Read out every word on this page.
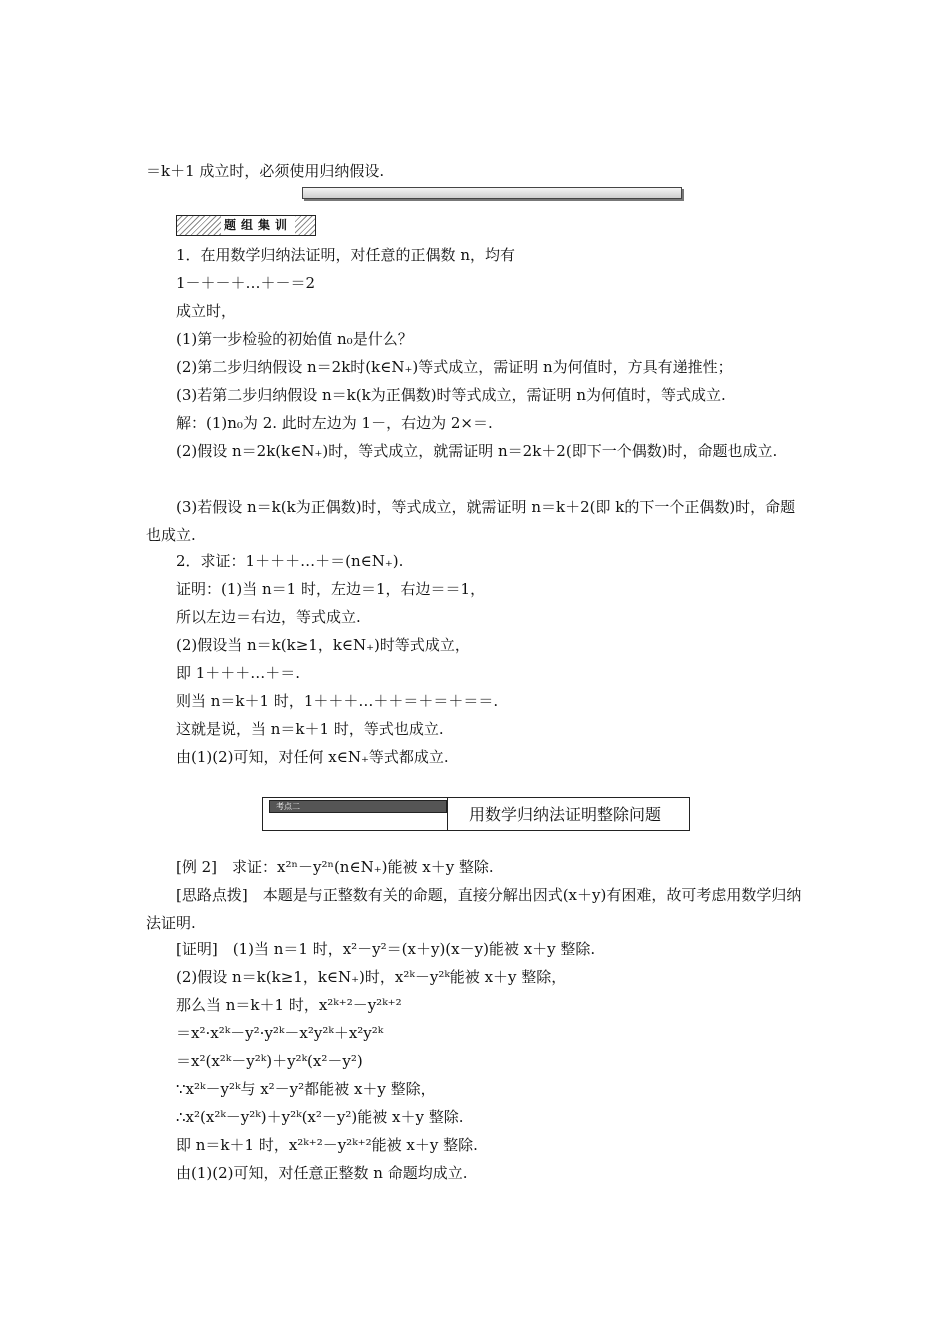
＝k＋1 成立时，必须使用归纳假设.
题组集训
1．在用数学归纳法证明，对任意的正偶数 n，均有
1－＋－＋…＋－＝2
成立时，
(1)第一步检验的初始值 n₀是什么？
(2)第二步归纳假设 n＝2k时(k∈N₊)等式成立，需证明 n为何值时，方具有递推性；
(3)若第二步归纳假设 n＝k(k为正偶数)时等式成立，需证明 n为何值时，等式成立.
解：(1)n₀为 2. 此时左边为 1－，右边为 2×＝.
(2)假设 n＝2k(k∈N₊)时，等式成立，就需证明 n＝2k＋2(即下一个偶数)时，命题也成立.
(3)若假设 n＝k(k为正偶数)时，等式成立，就需证明 n＝k＋2(即 k的下一个正偶数)时，命题也成立.
2．求证：1＋＋＋…＋＝(n∈N₊).
证明：(1)当 n＝1 时，左边＝1，右边＝＝1，
所以左边＝右边，等式成立.
(2)假设当 n＝k(k≥1，k∈N₊)时等式成立，
即 1＋＋＋…＋＝.
则当 n＝k＋1 时，1＋＋＋…＋＋＝＋＝＋＝＝.
这就是说，当 n＝k＋1 时，等式也成立.
由(1)(2)可知，对任何 x∈N₊等式都成立.
考点二	用数学归纳法证明整除问题
[例 2]　求证：x²ⁿ－y²ⁿ(n∈N₊)能被 x＋y 整除.
[思路点拨]　本题是与正整数有关的命题，直接分解出因式(x＋y)有困难，故可考虑用数学归纳法证明.
[证明]　(1)当 n＝1 时，x²－y²＝(x＋y)(x－y)能被 x＋y 整除.
(2)假设 n＝k(k≥1，k∈N₊)时，x²ᵏ－y²ᵏ能被 x＋y 整除，
那么当 n＝k＋1 时，x²ᵏ⁺²－y²ᵏ⁺²
＝x²·x²ᵏ－y²·y²ᵏ－x²y²ᵏ＋x²y²ᵏ
＝x²(x²ᵏ－y²ᵏ)＋y²ᵏ(x²－y²)
∵x²ᵏ－y²ᵏ与 x²－y²都能被 x＋y 整除，
∴x²(x²ᵏ－y²ᵏ)＋y²ᵏ(x²－y²)能被 x＋y 整除.
即 n＝k＋1 时，x²ᵏ⁺²－y²ᵏ⁺²能被 x＋y 整除.
由(1)(2)可知，对任意正整数 n 命题均成立.
